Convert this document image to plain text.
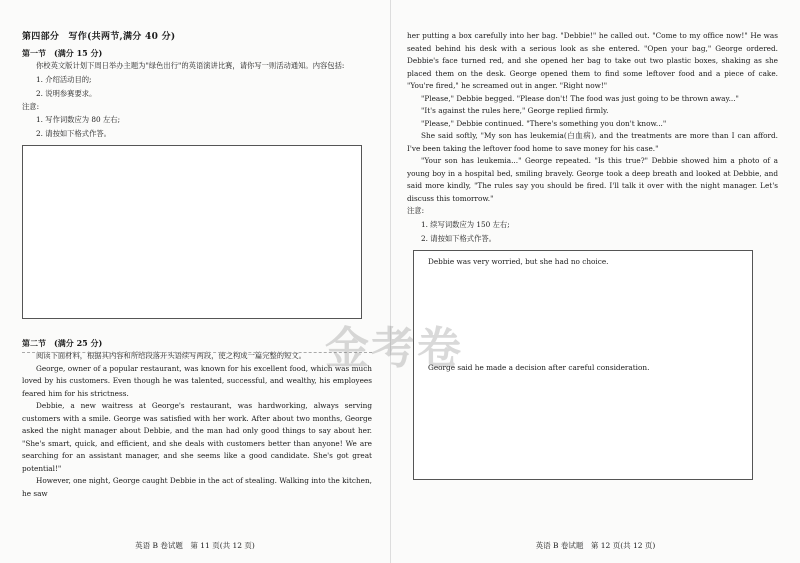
第四部分　写作(共两节,满分 40 分)

第一节　(满分 15 分)

你校英文版计划下周日举办主题为"绿色出行"的英语演讲比赛，请你写一则活动通知。内容包括:

1. 介绍活动目的;

2. 说明参赛要求。

注意:

1. 写作词数应为 80 左右;

2. 请按如下格式作答。

第二节　(满分 25 分)

阅读下面材料，根据其内容和所给段落开头语续写两段，使之构成一篇完整的短文。

George, owner of a popular restaurant, was known for his excellent food, which was much loved by his customers. Even though he was talented, successful, and wealthy, his employees feared him for his strictness.

Debbie, a new waitress at George's restaurant, was hardworking, always serving customers with a smile. George was satisfied with her work. After about two months, George asked the night manager about Debbie, and the man had only good things to say about her. "She's smart, quick, and efficient, and she deals with customers better than anyone! We are searching for an assistant manager, and she seems like a good candidate. She's got great potential!"

However, one night, George caught Debbie in the act of stealing. Walking into the kitchen, he saw

英语 B 卷试题　第 11 页(共 12 页)

her putting a box carefully into her bag. "Debbie!" he called out. "Come to my office now!" He was seated behind his desk with a serious look as she entered. "Open your bag," George ordered. Debbie's face turned red, and she opened her bag to take out two plastic boxes, shaking as she placed them on the desk. George opened them to find some leftover food and a piece of cake. "You're fired," he screamed out in anger. "Right now!"

"Please," Debbie begged. "Please don't! The food was just going to be thrown away..."

"It's against the rules here," George replied firmly.

"Please," Debbie continued. "There's something you don't know..."

She said softly, "My son has leukemia(白血病), and the treatments are more than I can afford. I've been taking the leftover food home to save money for his case."

"Your son has leukemia..." George repeated. "Is this true?" Debbie showed him a photo of a young boy in a hospital bed, smiling bravely. George took a deep breath and looked at Debbie, and said more kindly, "The rules say you should be fired. I'll talk it over with the night manager. Let's discuss this tomorrow."

注意:

1. 续写词数应为 150 左右;

2. 请按如下格式作答。

Debbie was very worried, but she had no choice.
George said he made a decision after careful consideration.
英语 B 卷试题　第 12 页(共 12 页)
金考卷
